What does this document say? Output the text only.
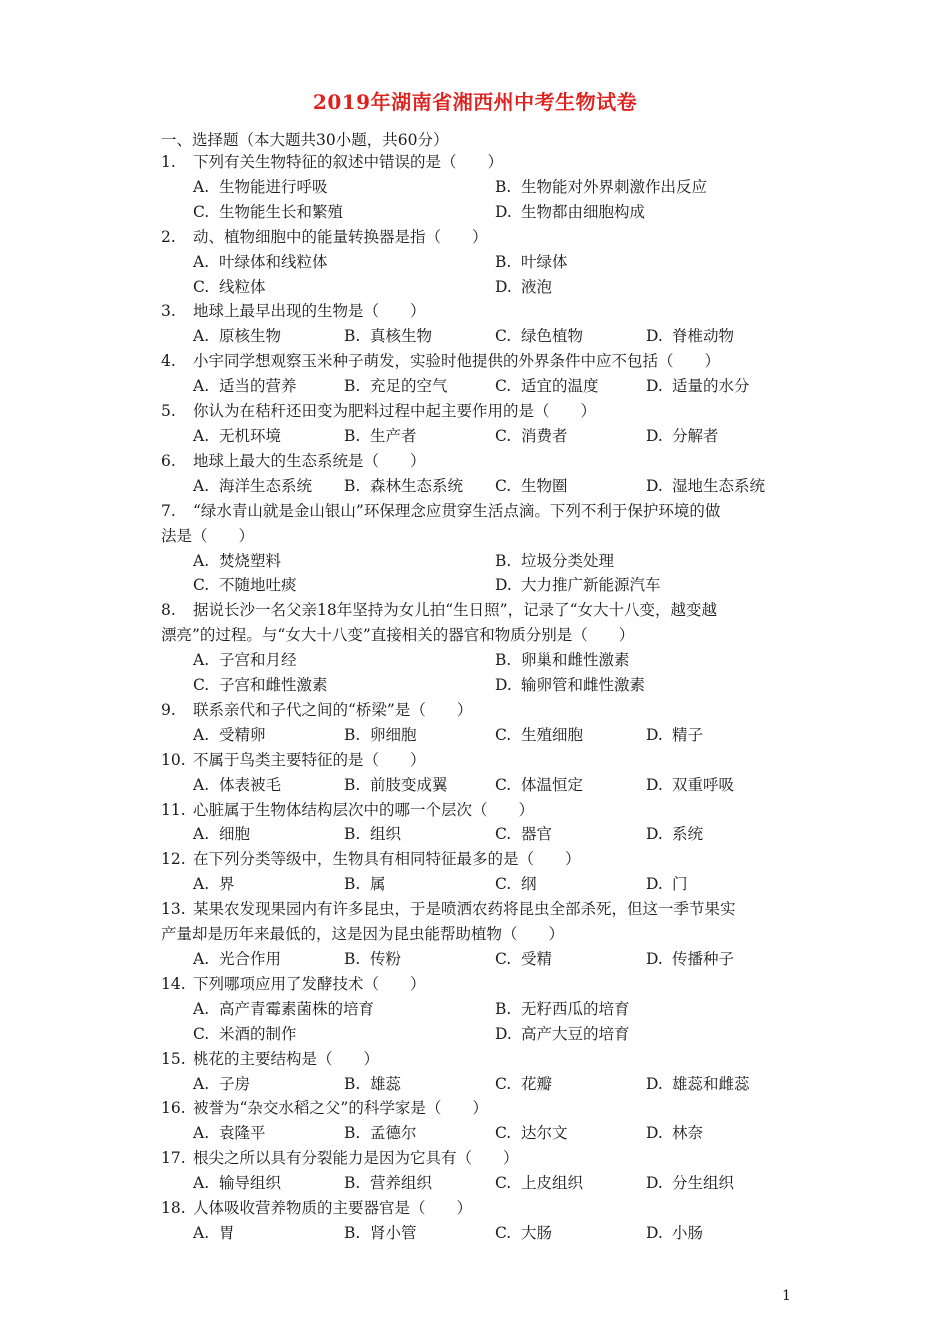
2019年湖南省湘西州中考生物试卷
一、选择题（本大题共30小题，共60分）
1.	下列有关生物特征的叙述中错误的是（　　）
A. 生物能进行呼吸	B. 生物能对外界刺激作出反应
C. 生物能生长和繁殖	D. 生物都由细胞构成
2.	动、植物细胞中的能量转换器是指（　　）
A. 叶绿体和线粒体	B. 叶绿体
C. 线粒体	D. 液泡
3.	地球上最早出现的生物是（　　）
A. 原核生物	B. 真核生物	C. 绿色植物	D. 脊椎动物
4.	小宇同学想观察玉米种子萌发，实验时他提供的外界条件中应不包括（　　）
A. 适当的营养	B. 充足的空气	C. 适宜的温度	D. 适量的水分
5.	你认为在秸秆还田变为肥料过程中起主要作用的是（　　）
A. 无机环境	B. 生产者	C. 消费者	D. 分解者
6.	地球上最大的生态系统是（　　）
A. 海洋生态系统 B. 森林生态系统 C. 生物圈	D. 湿地生态系统
7.	“绿水青山就是金山银山”环保理念应贯穿生活点滴。下列不利于保护环境的做
法是（　　）
A. 焚烧塑料	B. 垃圾分类处理
C. 不随地吐痰	D. 大力推广新能源汽车
8.	据说长沙一名父亲18年坚持为女儿拍“生日照”，记录了“女大十八变，越变越
漂亮”的过程。与“女大十八变”直接相关的器官和物质分别是（　　）
A. 子宫和月经	B. 卵巢和雌性激素
C. 子宫和雌性激素	D. 输卵管和雌性激素
9.	联系亲代和子代之间的“桥梁”是（　　）
A. 受精卵	B. 卵细胞	C. 生殖细胞	D. 精子
10. 不属于鸟类主要特征的是（　　）
A. 体表被毛	B. 前肢变成翼	C. 体温恒定	D. 双重呼吸
11. 心脏属于生物体结构层次中的哪一个层次（　　）
A. 细胞	B. 组织	C. 器官	D. 系统
12. 在下列分类等级中，生物具有相同特征最多的是（　　）
A. 界	B. 属	C. 纲	D. 门
13. 某果农发现果园内有许多昆虫，于是喷洒农药将昆虫全部杀死，但这一季节果实
产量却是历年来最低的，这是因为昆虫能帮助植物（　　）
A. 光合作用	B. 传粉	C. 受精	D. 传播种子
14. 下列哪项应用了发酵技术（　　）
A. 高产青霉素菌株的培育	B. 无籽西瓜的培育
C. 米酒的制作	D. 高产大豆的培育
15. 桃花的主要结构是（　　）
A. 子房	B. 雄蕊	C. 花瓣	D. 雄蕊和雌蕊
16. 被誉为“杂交水稻之父”的科学家是（　　）
A. 袁隆平	B. 孟德尔	C. 达尔文	D. 林奈
17. 根尖之所以具有分裂能力是因为它具有（　　）
A. 输导组织	B. 营养组织	C. 上皮组织	D. 分生组织
18. 人体吸收营养物质的主要器官是（　　）
A. 胃	B. 肾小管	C. 大肠	D. 小肠
1
